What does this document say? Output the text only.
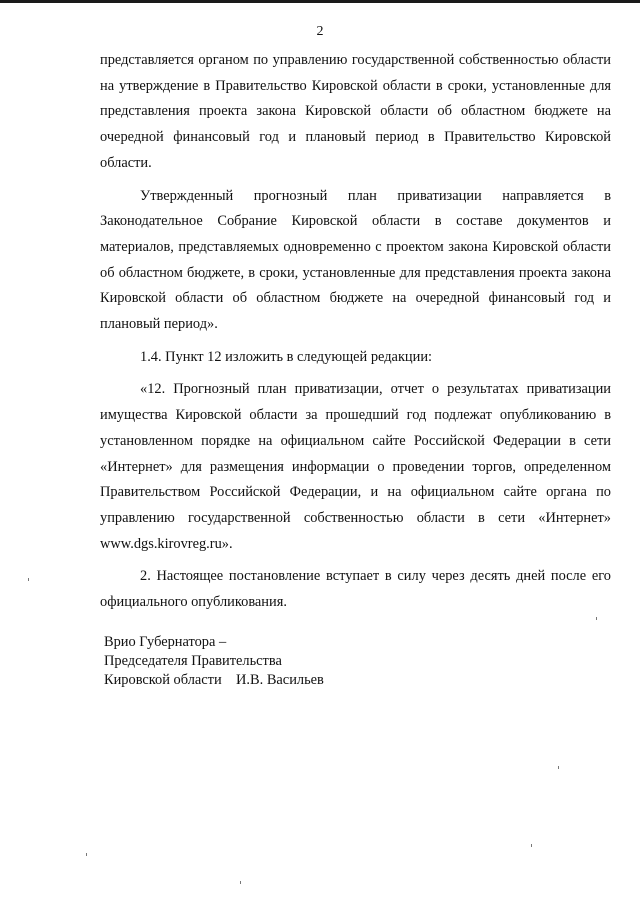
2

представляется органом по управлению государственной собственностью области на утверждение в Правительство Кировской области в сроки, установленные для представления проекта закона Кировской области об областном бюджете на очередной финансовый год и плановый период в Правительство Кировской области.

Утвержденный прогнозный план приватизации направляется в Законодательное Собрание Кировской области в составе документов и материалов, представляемых одновременно с проектом закона Кировской области об областном бюджете, в сроки, установленные для представления проекта закона Кировской области об областном бюджете на очередной финансовый год и плановый период».

1.4. Пункт 12 изложить в следующей редакции:

«12. Прогнозный план приватизации, отчет о результатах приватизации имущества Кировской области за прошедший год подлежат опубликованию в установленном порядке на официальном сайте Российской Федерации в сети «Интернет» для размещения информации о проведении торгов, определенном Правительством Российской Федерации, и на официальном сайте органа по управлению государственной собственностью области в сети «Интернет» www.dgs.kirovreg.ru».

2. Настоящее постановление вступает в силу через десять дней после его официального опубликования.

Врио Губернатора –
Председателя Правительства
Кировской области    И.В. Васильев
